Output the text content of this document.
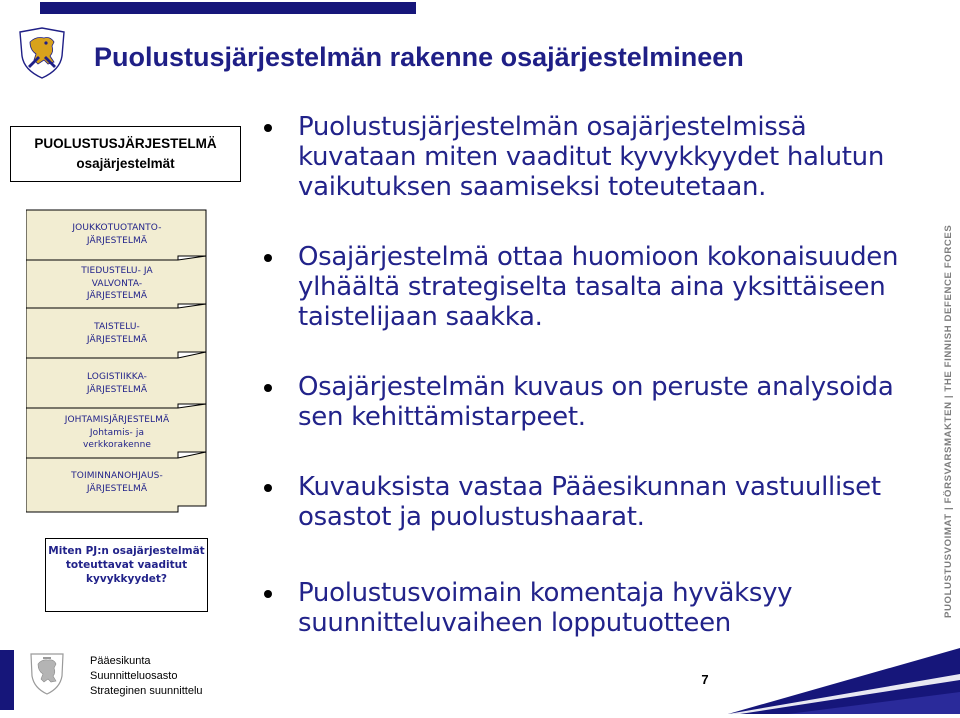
Puolustusjärjestelmän rakenne osajärjestelmineen
PUOLUSTUSJÄRJESTELMÄ
osajärjestelmät
JOUKKOTUOTANTO-
JÄRJESTELMÄ
TIEDUSTELU- JA
VALVONTA-
JÄRJESTELMÄ
TAISTELU-
JÄRJESTELMÄ
LOGISTIIKKA-
JÄRJESTELMÄ
JOHTAMISJÄRJESTELMÄ
Johtamis- ja
verkkorakenne
TOIMINNANOHJAUS-
JÄRJESTELMÄ
Miten PJ:n osajärjestelmät toteuttavat vaaditut kyvykkyydet?
Puolustusjärjestelmän osajärjestelmissä kuvataan miten vaaditut kyvykkyydet halutun vaikutuksen saamiseksi toteutetaan.
Osajärjestelmä ottaa huomioon kokonaisuuden ylhäältä strategiselta tasalta aina yksittäiseen taistelijaan saakka.
Osajärjestelmän kuvaus on peruste analysoida sen kehittämistarpeet.
Kuvauksista vastaa Pääesikunnan vastuulliset osastot ja puolustushaarat.
Puolustusvoimain komentaja hyväksyy suunnitteluvaiheen lopputuotteen
PUOLUSTUSVOIMAT | FÖRSVARSMAKTEN | THE FINNISH DEFENCE FORCES
Pääesikunta
Suunnitteluosasto
Strateginen suunnittelu
7
